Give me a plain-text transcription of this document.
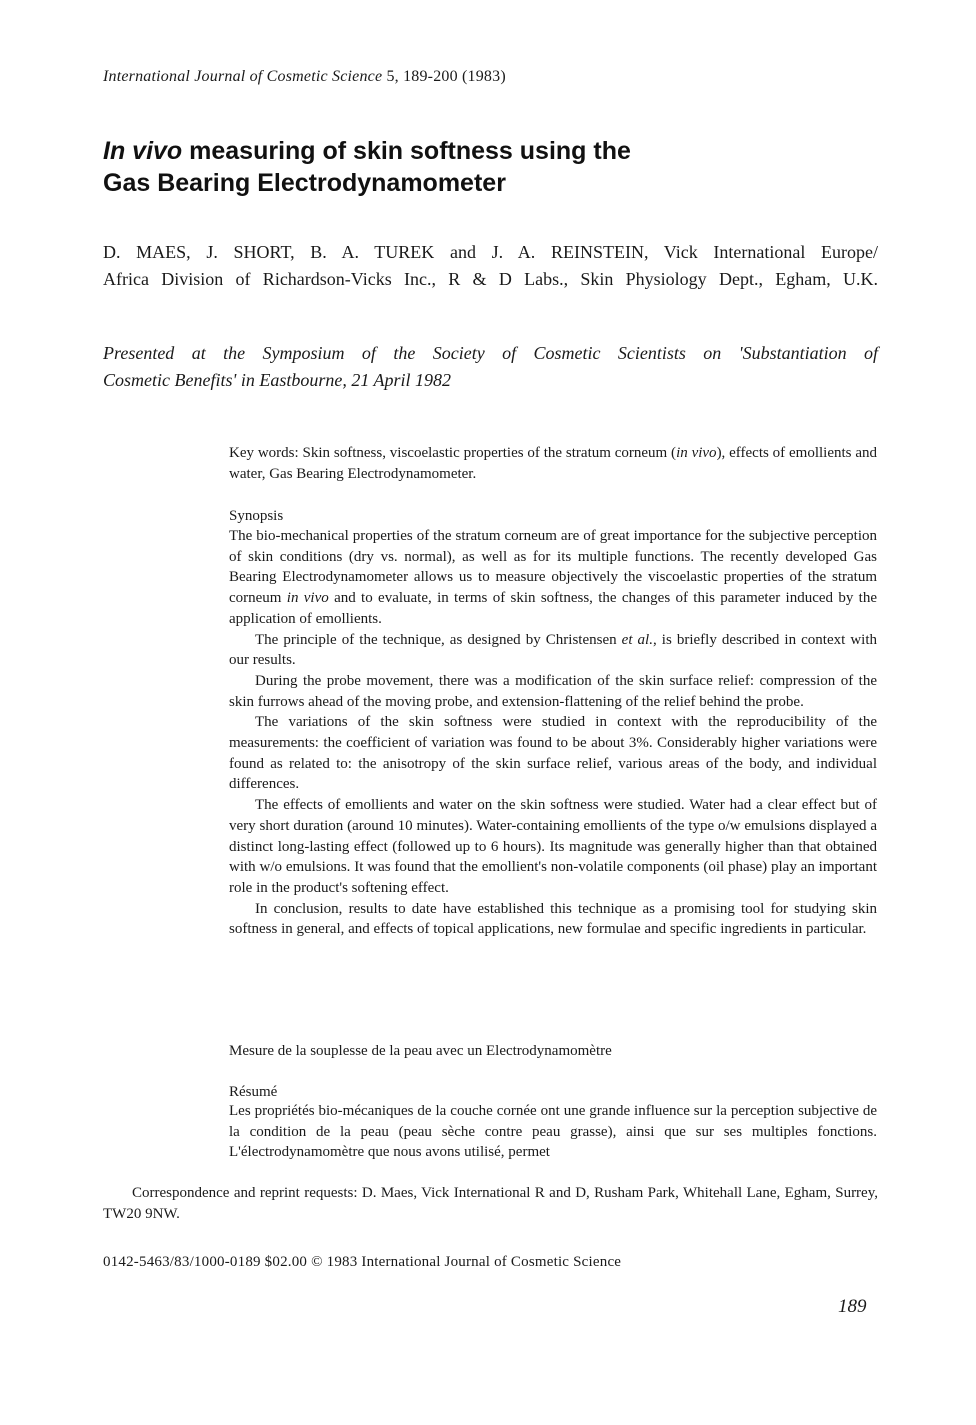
International Journal of Cosmetic Science 5, 189-200 (1983)
In vivo measuring of skin softness using the
Gas Bearing Electrodynamometer
D. MAES, J. SHORT, B. A. TUREK and J. A. REINSTEIN, Vick International Europe/
Africa Division of Richardson-Vicks Inc., R & D Labs., Skin Physiology Dept., Egham, U.K.
Presented at the Symposium of the Society of Cosmetic Scientists on 'Substantiation of
Cosmetic Benefits' in Eastbourne, 21 April 1982

Key words: Skin softness, viscoelastic properties of the stratum corneum (in vivo), effects of emollients and water, Gas Bearing Electrodynamometer.

Synopsis

The bio-mechanical properties of the stratum corneum are of great importance for the subjective perception of skin conditions (dry vs. normal), as well as for its multiple functions. The recently developed Gas Bearing Electrodynamometer allows us to measure objectively the viscoelastic properties of the stratum corneum in vivo and to evaluate, in terms of skin softness, the changes of this parameter induced by the application of emollients.

The principle of the technique, as designed by Christensen et al., is briefly described in context with our results.

During the probe movement, there was a modification of the skin surface relief: compression of the skin furrows ahead of the moving probe, and extension-flattening of the relief behind the probe.

The variations of the skin softness were studied in context with the reproducibility of the measurements: the coefficient of variation was found to be about 3%. Considerably higher variations were found as related to: the anisotropy of the skin surface relief, various areas of the body, and individual differences.

The effects of emollients and water on the skin softness were studied. Water had a clear effect but of very short duration (around 10 minutes). Water-containing emollients of the type o/w emulsions displayed a distinct long-lasting effect (followed up to 6 hours). Its magnitude was generally higher than that obtained with w/o emulsions. It was found that the emollient's non-volatile components (oil phase) play an important role in the product's softening effect.

In conclusion, results to date have established this technique as a promising tool for studying skin softness in general, and effects of topical applications, new formulae and specific ingredients in particular.

Mesure de la souplesse de la peau avec un Electrodynamomètre
Résumé

Les propriétés bio-mécaniques de la couche cornée ont une grande influence sur la perception subjective de la condition de la peau (peau sèche contre peau grasse), ainsi que sur ses multiples fonctions. L'électrodynamomètre que nous avons utilisé, permet

Correspondence and reprint requests: D. Maes, Vick International R and D, Rusham Park, Whitehall Lane, Egham, Surrey, TW20 9NW.
0142-5463/83/1000-0189 $02.00 © 1983 International Journal of Cosmetic Science
189
